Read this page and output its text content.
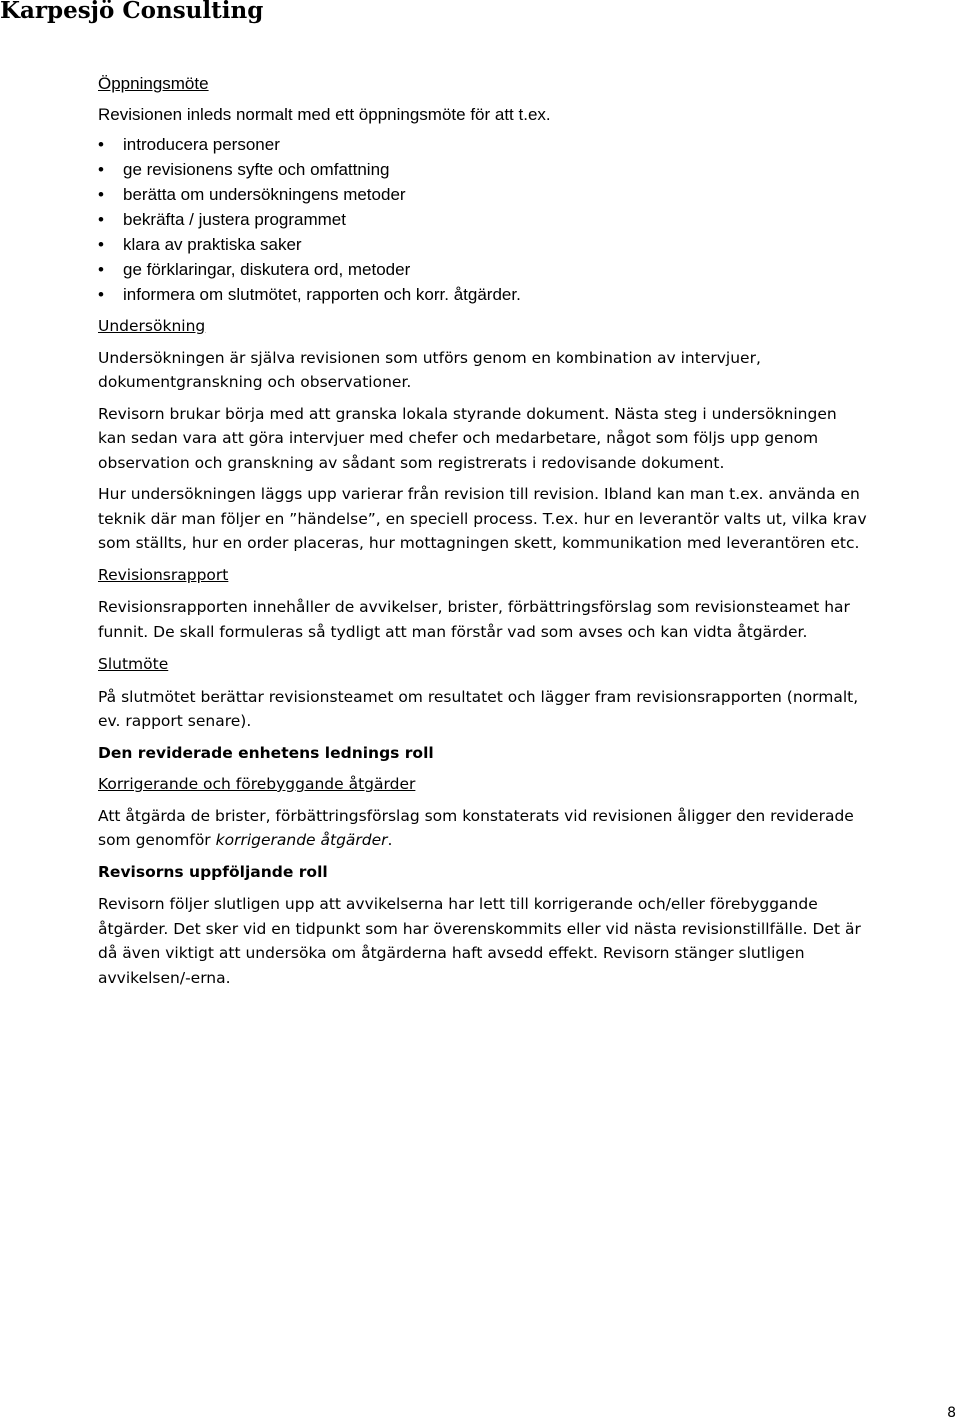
Karpesjö Consulting

Öppningsmöte

Revisionen inleds normalt med ett öppningsmöte för att t.ex.

• introducera personer
• ge revisionens syfte och omfattning
• berätta om undersökningens metoder
• bekräfta / justera programmet
• klara av praktiska saker
• ge förklaringar, diskutera ord, metoder
• informera om slutmötet, rapporten och korr. åtgärder.

Undersökning

Undersökningen är själva revisionen som utförs genom en kombination av intervjuer, dokumentgranskning och observationer.

Revisorn brukar börja med att granska lokala styrande dokument. Nästa steg i undersökningen kan sedan vara att göra intervjuer med chefer och medarbetare, något som följs upp genom observation och granskning av sådant som registrerats i redovisande dokument.

Hur undersökningen läggs upp varierar från revision till revision. Ibland kan man t.ex. använda en teknik där man följer en ”händelse”, en speciell process. T.ex. hur en leverantör valts ut, vilka krav som ställts, hur en order placeras, hur mottagningen skett, kommunikation med leverantören etc.

Revisionsrapport

Revisionsrapporten innehåller de avvikelser, brister, förbättringsförslag som revisionsteamet har funnit. De skall formuleras så tydligt att man förstår vad som avses och kan vidta åtgärder.

Slutmöte

På slutmötet berättar revisionsteamet om resultatet och lägger fram revisionsrapporten (normalt, ev. rapport senare).

Den reviderade enhetens lednings roll

Korrigerande och förebyggande åtgärder

Att åtgärda de brister, förbättringsförslag som konstaterats vid revisionen åligger den reviderade som genomför korrigerande åtgärder.

Revisorns uppföljande roll

Revisorn följer slutligen upp att avvikelserna har lett till korrigerande och/eller förebyggande åtgärder. Det sker vid en tidpunkt som har överenskommits eller vid nästa revisionstillfälle. Det är då även viktigt att undersöka om åtgärderna haft avsedd effekt. Revisorn stänger slutligen avvikelsen/-erna.

8
